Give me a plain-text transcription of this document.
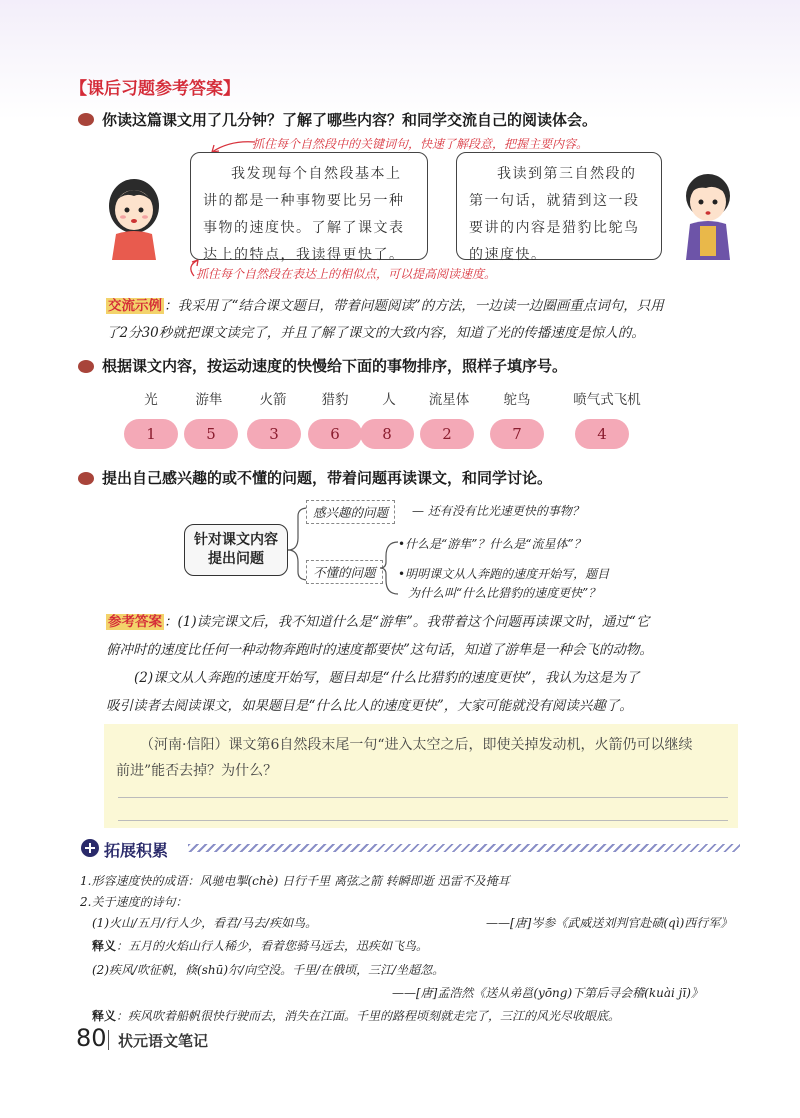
【课后习题参考答案】
你读这篇课文用了几分钟？了解了哪些内容？和同学交流自己的阅读体会。
抓住每个自然段中的关键词句，快速了解段意，把握主要内容。
我发现每个自然段基本上讲的都是一种事物要比另一种事物的速度快。了解了课文表达上的特点，我读得更快了。
我读到第三自然段的第一句话，就猜到这一段要讲的内容是猎豹比鸵鸟的速度快。
抓住每个自然段在表达上的相似点，可以提高阅读速度。
交流示例 ：我采用了“结合课文题目，带着问题阅读”的方法，一边读一边圈画重点词句，只用
了2分30秒就把课文读完了，并且了解了课文的大致内容，知道了光的传播速度是惊人的。
根据课文内容，按运动速度的快慢给下面的事物排序，照样子填序号。
光	游隼	火箭	猎豹	人	流星体	鸵鸟	喷气式飞机
1	5	3	6	8	2	7	4
提出自己感兴趣的或不懂的问题，带着问题再读课文，和同学讨论。
针对课文内容提出问题
感兴趣的问题	— 还有没有比光速更快的事物？
不懂的问题
•什么是“游隼”？什么是“流星体”？
•明明课文从人奔跑的速度开始写，题目
为什么叫“什么比猎豹的速度更快”？
参考答案 ：(1)读完课文后，我不知道什么是“游隼”。我带着这个问题再读课文时，通过“它
俯冲时的速度比任何一种动物奔跑时的速度都要快”这句话，知道了游隼是一种会飞的动物。
(2)课文从人奔跑的速度开始写，题目却是“什么比猎豹的速度更快”，我认为这是为了
吸引读者去阅读课文，如果题目是“什么比人的速度更快”，大家可能就没有阅读兴趣了。
（河南·信阳）课文第6自然段末尾一句“进入太空之后，即使关掉发动机，火箭仍可以继续
前进”能否去掉？为什么？
拓展积累
1.形容速度快的成语：风驰电掣(chè) 日行千里 离弦之箭 转瞬即逝 迅雷不及掩耳
2.关于速度的诗句：
(1)火山/五月/行人少，看君/马去/疾如鸟。	——[唐]岑参《武威送刘判官赴碛(qì)西行军》
释义：五月的火焰山行人稀少，看着您骑马远去，迅疾如飞鸟。
(2)疾风/吹征帆，倏(shū)尔/向空没。千里/在俄顷，三江/坐超忽。
——[唐]孟浩然《送从弟邕(yōng)下第后寻会稽(kuài jī)》
释义：疾风吹着船帆很快行驶而去，消失在江面。千里的路程顷刻就走完了，三江的风光尽收眼底。
80 状元语文笔记
